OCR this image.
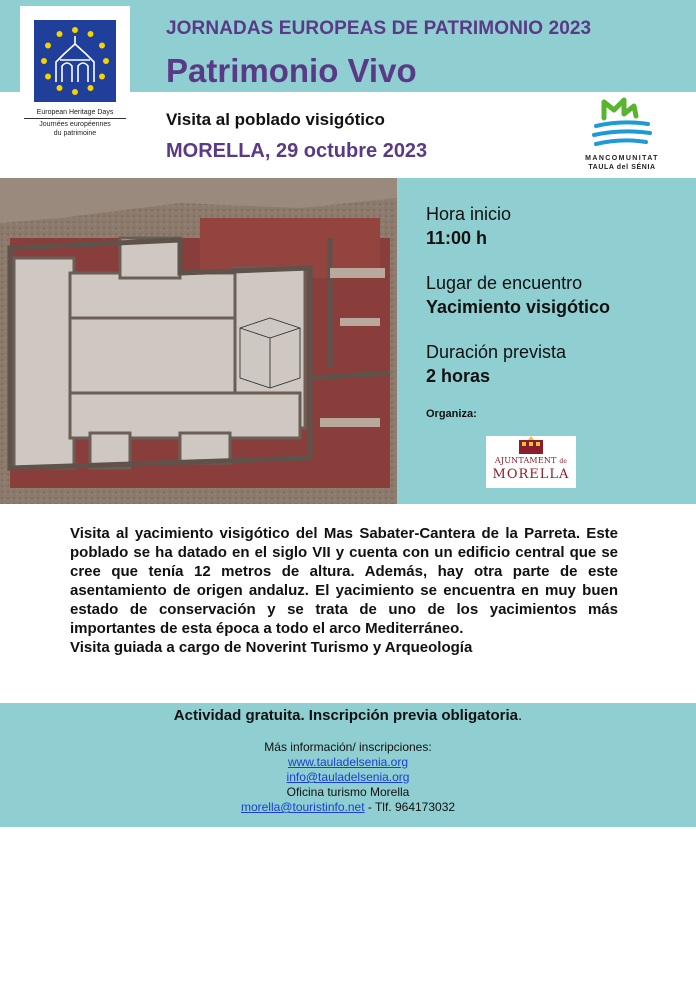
European Heritage Days
Journées européennes
du patrimoine
JORNADAS EUROPEAS DE PATRIMONIO 2023
Patrimonio Vivo
Visita al poblado visigótico
MORELLA, 29 octubre 2023	MANCOMUNITAT
TAULA del SÉNIA
Hora inicio
11:00 h
Lugar de encuentro
Yacimiento visigótico
Duración prevista
2 horas
Organiza:
AJUNTAMENT de
MORELLA
Visita al yacimiento visigótico del Mas Sabater-Cantera de la Parreta. Este poblado se ha datado en el siglo VII y cuenta con un edificio central que se cree que tenía 12 metros de altura. Además, hay otra parte de este asentamiento de origen andaluz. El yacimiento se encuentra en muy buen estado de conservación y se trata de uno de los yacimientos más importantes de esta época a todo el arco Mediterráneo.
Visita guiada a cargo de Noverint Turismo y Arqueología
Actividad gratuita. Inscripción previa obligatoria.
Más información/ inscripciones:
www.tauladelsenia.org
info@tauladelsenia.org
Oficina turismo Morella
morella@touristinfo.net - Tlf. 964173032
